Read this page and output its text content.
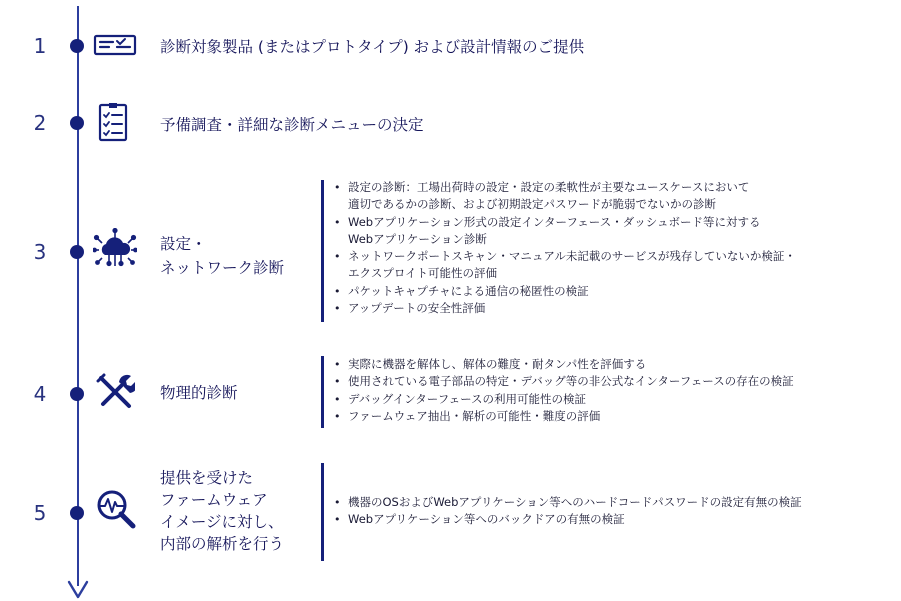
1	診断対象製品 (またはプロトタイプ) および設計情報のご提供
2	予備調査・詳細な診断メニューの決定
3	設定・
ネットワーク診断
• 設定の診断：工場出荷時の設定・設定の柔軟性が主要なユースケースにおいて
適切であるかの診断、および初期設定パスワードが脆弱でないかの診断
• Webアプリケーション形式の設定インターフェース・ダッシュボード等に対する
Webアプリケーション診断
• ネットワークポートスキャン・マニュアル未記載のサービスが残存していないか検証・
エクスプロイト可能性の評価
• パケットキャプチャによる通信の秘匿性の検証
• アップデートの安全性評価
4	物理的診断
• 実際に機器を解体し、解体の難度・耐タンパ性を評価する
• 使用されている電子部品の特定・デバッグ等の非公式なインターフェースの存在の検証
• デバッグインターフェースの利用可能性の検証
• ファームウェア抽出・解析の可能性・難度の評価
5
提供を受けた
ファームウェア
イメージに対し、
内部の解析を行う
• 機器のOSおよびWebアプリケーション等へのハードコードパスワードの設定有無の検証
• Webアプリケーション等へのバックドアの有無の検証
